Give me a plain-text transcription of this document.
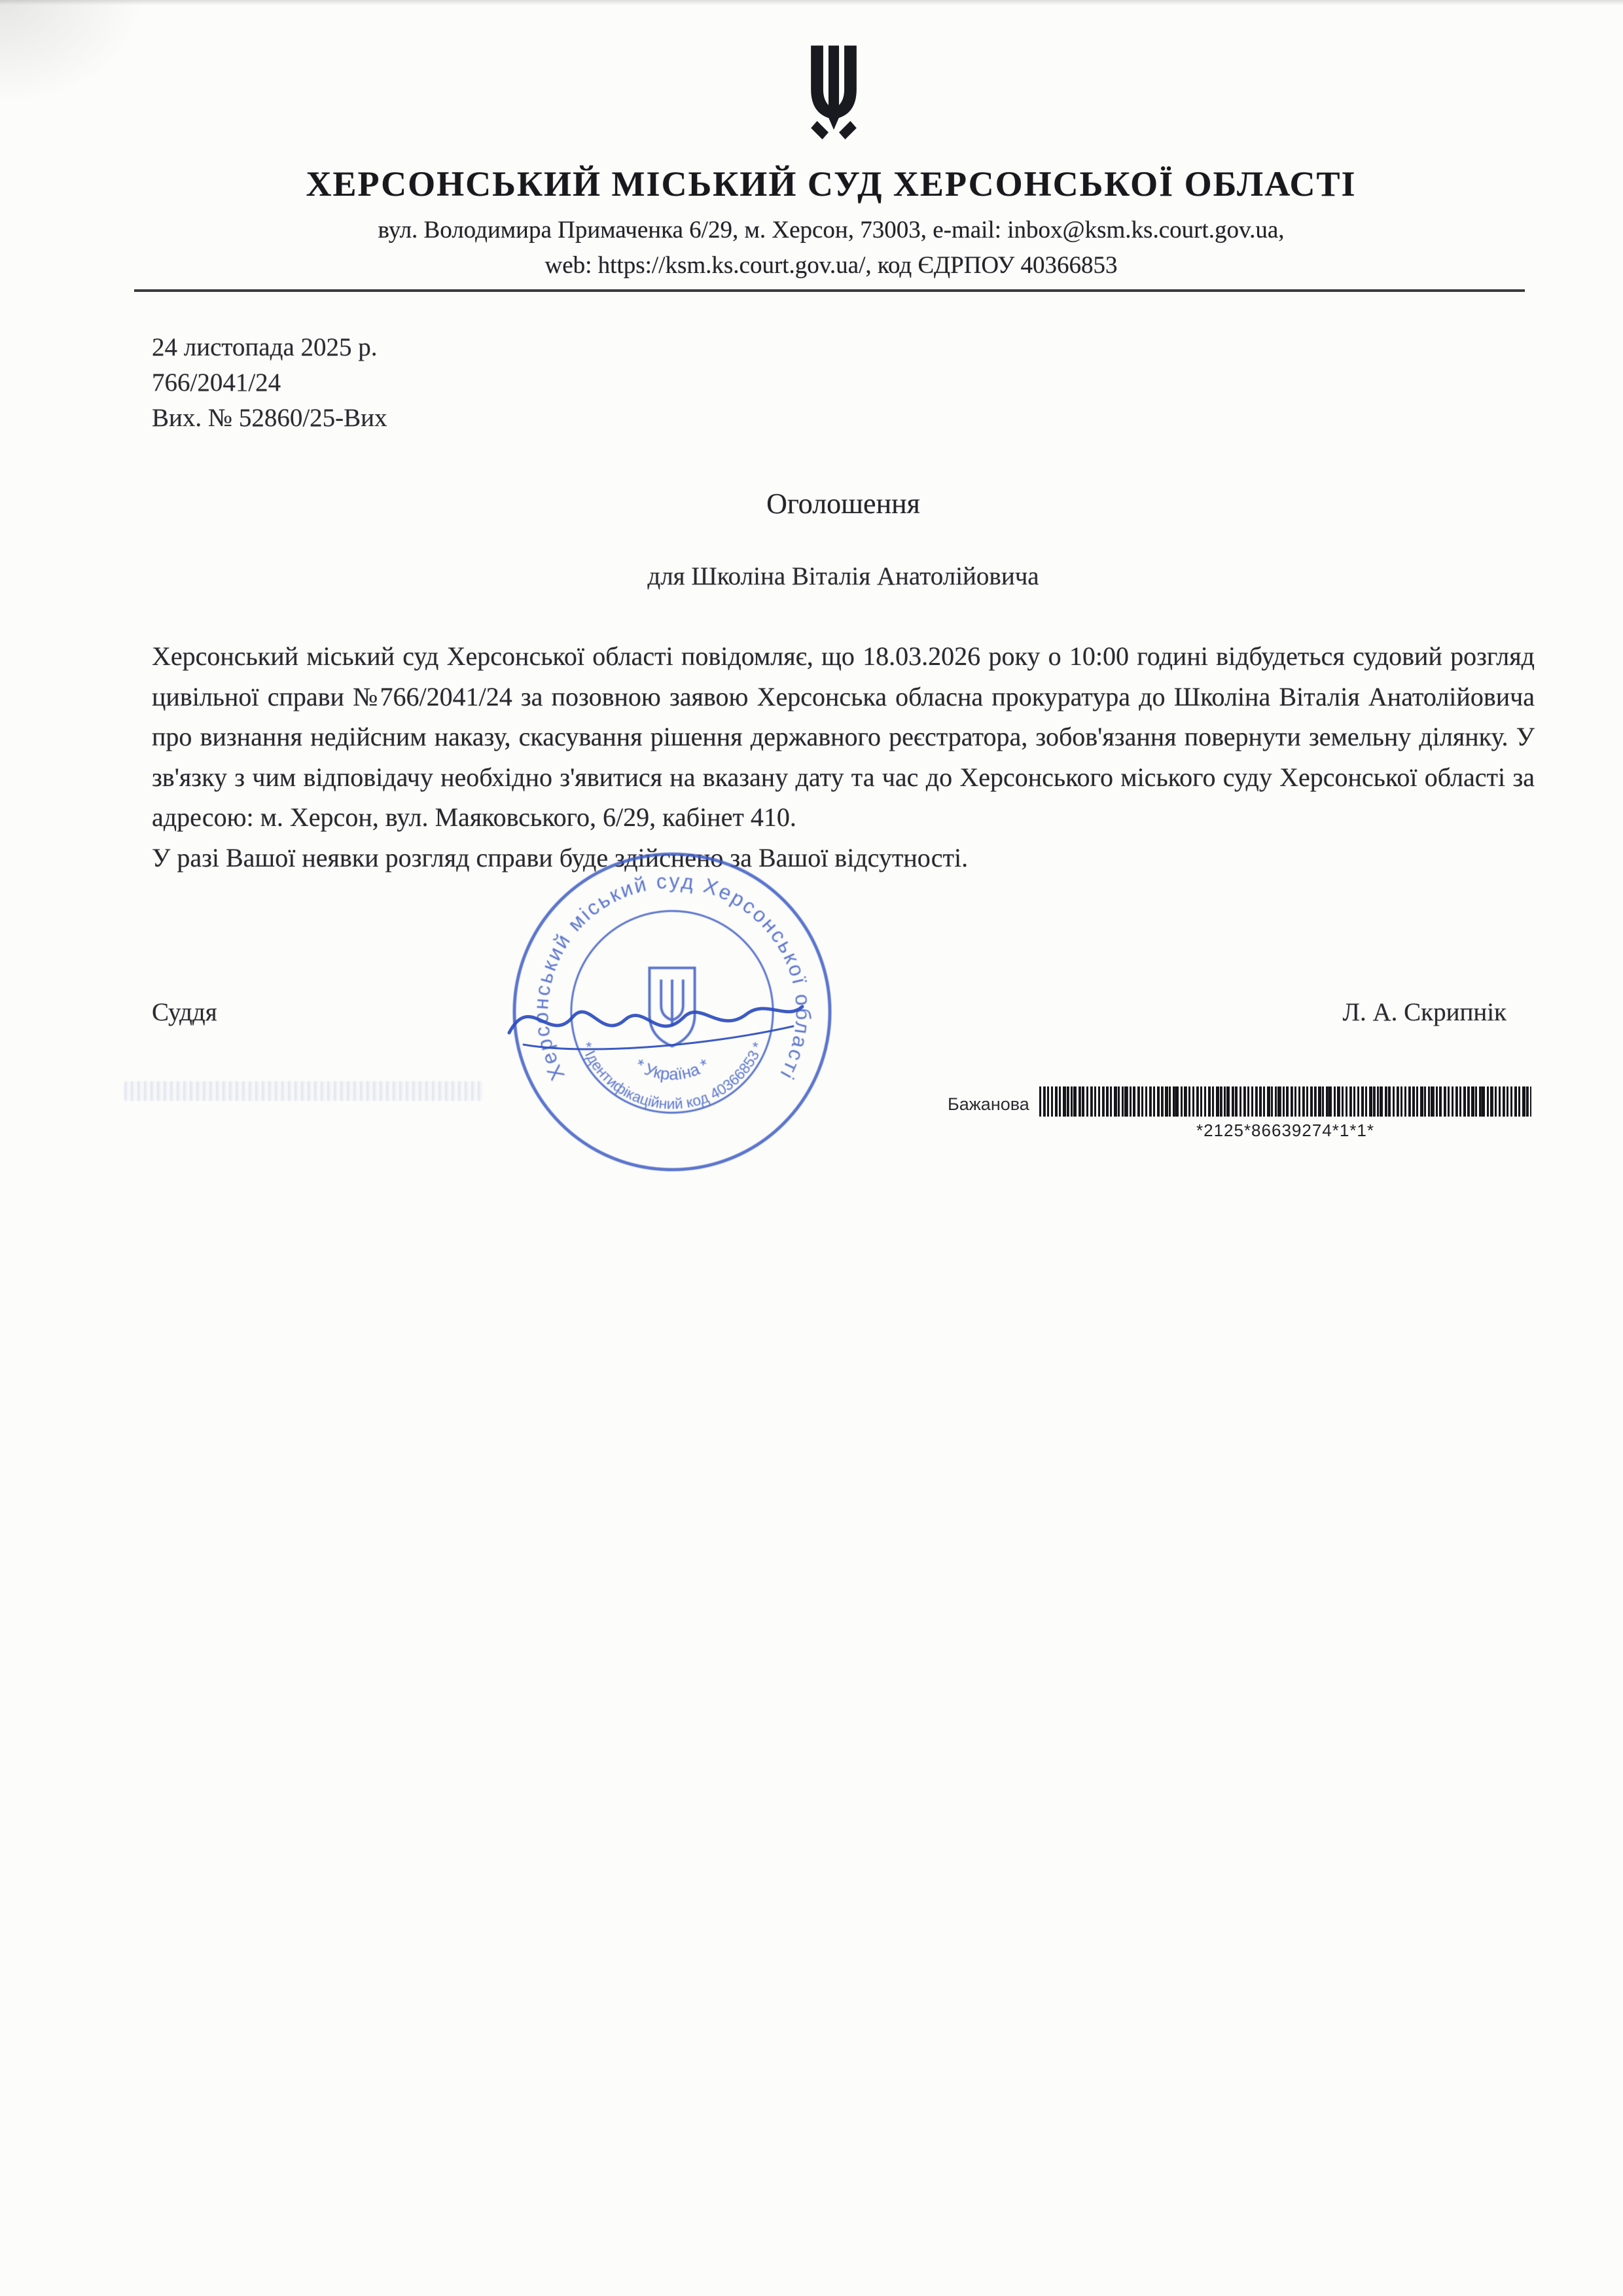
ХЕРСОНСЬКИЙ МІСЬКИЙ СУД ХЕРСОНСЬКОЇ ОБЛАСТІ
вул. Володимира Примаченка 6/29, м. Херсон, 73003, e-mail: inbox@ksm.ks.court.gov.ua,
web: https://ksm.ks.court.gov.ua/, код ЄДРПОУ 40366853
24 листопада 2025 р.
766/2041/24
Вих. № 52860/25-Вих
Оголошення
для Школіна Віталія Анатолійовича

Херсонський міський суд Херсонської області повідомляє, що 18.03.2026 року о 10:00 годині відбудеться судовий розгляд цивільної справи №766/2041/24 за позовною заявою Херсонська обласна прокуратура до Школіна Віталія Анатолійовича про визнання недійсним наказу, скасування рішення державного реєстратора, зобов'язання повернути земельну ділянку. У зв'язку з чим відповідачу необхідно з'явитися на вказану дату та час до Херсонського міського суду Херсонської області за адресою: м. Херсон, вул. Маяковського, 6/29, кабінет 410.

У разі Вашої неявки розгляд справи буде здійснено за Вашої відсутності.

Суддя	Л. А. Скрипнік
Херсонський міський суд Херсонської області
* Ідентифікаційний код 40366853 *
* Україна *
Бажанова
*2125*86639274*1*1*
